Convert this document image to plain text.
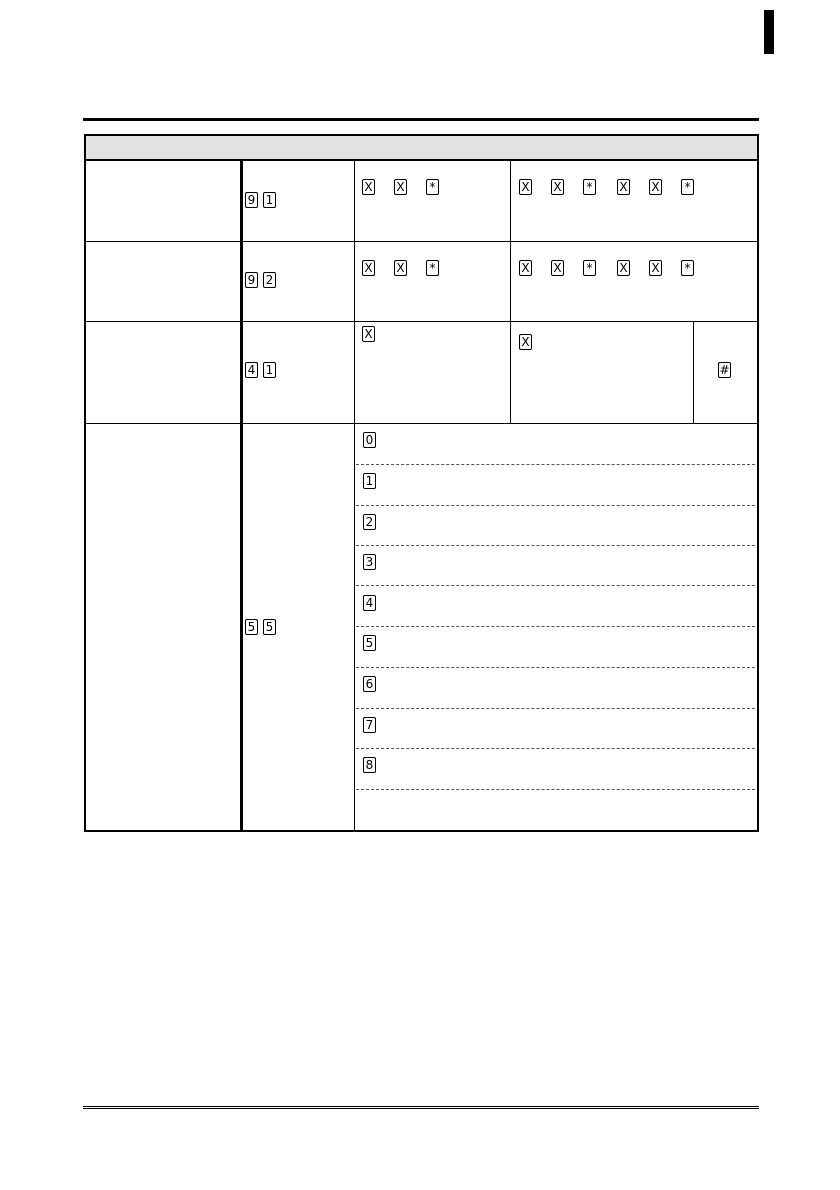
9 1
X X *	X X * X X *
9 2
X X *	X X * X X *
4 1
X
X
#
5 5
0
1
2
3
4
5
6
7
8
